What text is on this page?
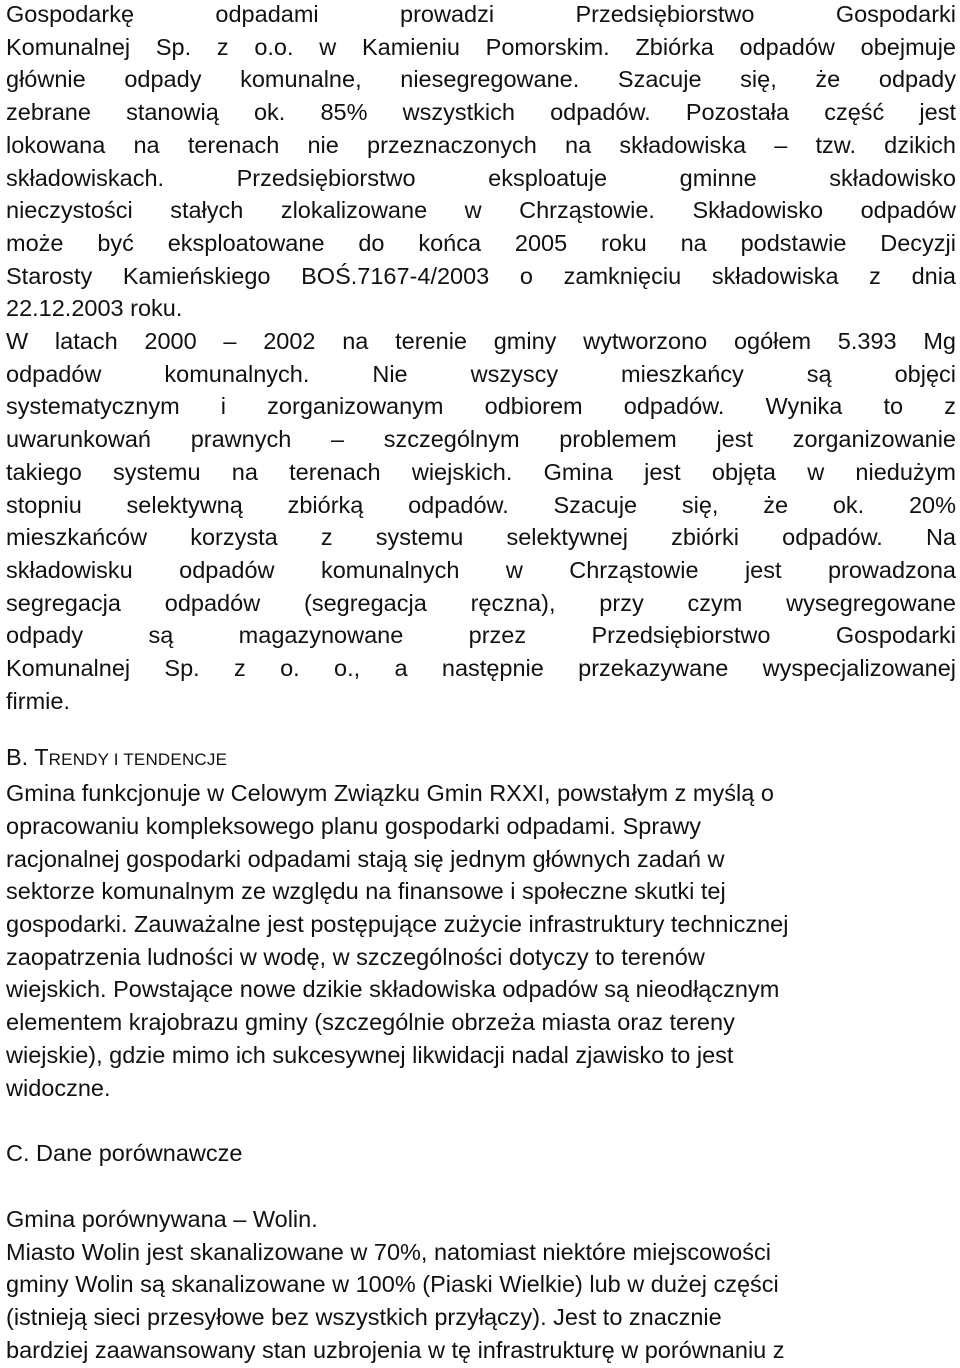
Gospodarkę odpadami prowadzi Przedsiębiorstwo Gospodarki
Komunalnej Sp. z o.o. w Kamieniu Pomorskim. Zbiórka odpadów obejmuje
głównie odpady komunalne, niesegregowane. Szacuje się, że odpady
zebrane stanowią ok. 85% wszystkich odpadów. Pozostała część jest
lokowana na terenach nie przeznaczonych na składowiska – tzw. dzikich
składowiskach. Przedsiębiorstwo eksploatuje gminne składowisko
nieczystości stałych zlokalizowane w Chrząstowie. Składowisko odpadów
może być eksploatowane do końca 2005 roku na podstawie Decyzji
Starosty Kamieńskiego BOŚ.7167-4/2003 o zamknięciu składowiska z dnia
22.12.2003 roku.
W latach 2000 – 2002 na terenie gminy wytworzono ogółem 5.393 Mg
odpadów komunalnych. Nie wszyscy mieszkańcy są objęci
systematycznym i zorganizowanym odbiorem odpadów. Wynika to z
uwarunkowań prawnych – szczególnym problemem jest zorganizowanie
takiego systemu na terenach wiejskich. Gmina jest objęta w niedużym
stopniu selektywną zbiórką odpadów. Szacuje się, że ok. 20%
mieszkańców korzysta z systemu selektywnej zbiórki odpadów. Na
składowisku odpadów komunalnych w Chrząstowie jest prowadzona
segregacja odpadów (segregacja ręczna), przy czym wysegregowane
odpady są magazynowane przez Przedsiębiorstwo Gospodarki
Komunalnej Sp. z o. o., a następnie przekazywane wyspecjalizowanej
firmie.
B. TRENDY I TENDENCJE
Gmina funkcjonuje w Celowym Związku Gmin RXXI, powstałym z myślą o
opracowaniu kompleksowego planu gospodarki odpadami. Sprawy
racjonalnej gospodarki odpadami stają się jednym głównych zadań w
sektorze komunalnym ze względu na finansowe i społeczne skutki tej
gospodarki. Zauważalne jest postępujące zużycie infrastruktury technicznej
zaopatrzenia ludności w wodę, w szczególności dotyczy to terenów
wiejskich. Powstające nowe dzikie składowiska odpadów są nieodłącznym
elementem krajobrazu gminy (szczególnie obrzeża miasta oraz tereny
wiejskie), gdzie mimo ich sukcesywnej likwidacji nadal zjawisko to jest
widoczne.
C. Dane porównawcze
Gmina porównywana – Wolin.
Miasto Wolin jest skanalizowane w 70%, natomiast niektóre miejscowości
gminy Wolin są skanalizowane w 100% (Piaski Wielkie) lub w dużej części
(istnieją sieci przesyłowe bez wszystkich przyłączy). Jest to znacznie
bardziej zaawansowany stan uzbrojenia w tę infrastrukturę w porównaniu z
